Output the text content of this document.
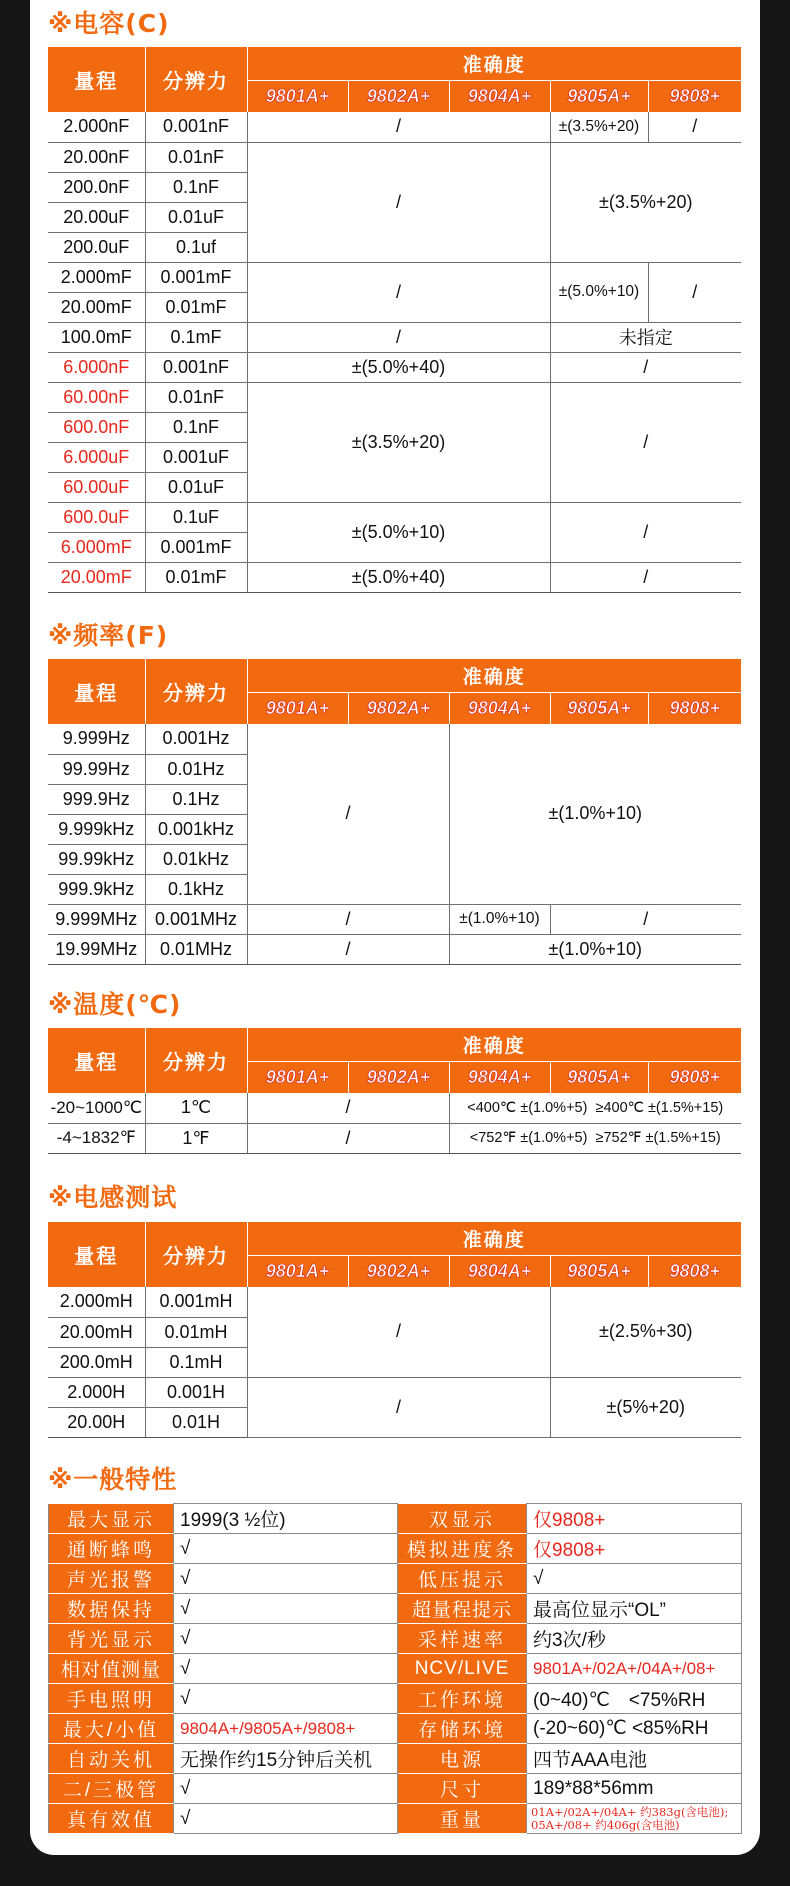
※电容(C)
量程	分辨力	准确度				
		9801A+	9802A+	9804A+	9805A+	9808+
2.000nF	0.001nF	/			±(3.5%+20)	/
20.00nF	0.01nF	/			±(3.5%+20)	
200.0nF	0.1nF					
20.00uF	0.01uF					
200.0uF	0.1uf					
2.000mF	0.001mF	/			±(5.0%+10)	/
20.00mF	0.01mF					
100.0mF	0.1mF	/			未指定	
6.000nF	0.001nF	±(5.0%+40)			/	
60.00nF	0.01nF	±(3.5%+20)			/	
600.0nF	0.1nF					
6.000uF	0.001uF					
60.00uF	0.01uF					
600.0uF	0.1uF	±(5.0%+10)			/	
6.000mF	0.001mF					
20.00mF	0.01mF	±(5.0%+40)			/	
※频率(F)
量程	分辨力	准确度				
		9801A+	9802A+	9804A+	9805A+	9808+
9.999Hz	0.001Hz	/		±(1.0%+10)		
99.99Hz	0.01Hz					
999.9Hz	0.1Hz					
9.999kHz	0.001kHz					
99.99kHz	0.01kHz					
999.9kHz	0.1kHz					
9.999MHz	0.001MHz	/		±(1.0%+10)	/	
19.99MHz	0.01MHz	/		±(1.0%+10)		
※温度(℃)
量程	分辨力	准确度				
		9801A+	9802A+	9804A+	9805A+	9808+
-20~1000℃	1℃	/		<400℃ ±(1.0%+5) ≥400℃ ±(1.5%+15)		
-4~1832℉	1℉	/		<752℉ ±(1.0%+5) ≥752℉ ±(1.5%+15)		
※电感测试
量程	分辨力	准确度				
		9801A+	9802A+	9804A+	9805A+	9808+
2.000mH	0.001mH	/			±(2.5%+30)	
20.00mH	0.01mH					
200.0mH	0.1mH					
2.000H	0.001H	/			±(5%+20)	
20.00H	0.01H					
※一般特性
最大显示	1999(3 ½位)	双显示	仅9808+
通断蜂鸣	√	模拟进度条	仅9808+
声光报警	√	低压提示	√
数据保持	√	超量程提示	最高位显示“OL”
背光显示	√	采样速率	约3次/秒
相对值测量	√	NCV/LIVE	9801A+/02A+/04A+/08+
手电照明	√	工作环境	(0~40)℃　<75%RH
最大/小值	9804A+/9805A+/9808+	存储环境	(-20~60)℃ <85%RH
自动关机	无操作约15分钟后关机	电源	四节AAA电池
二/三极管	√	尺寸	189*88*56mm
真有效值	√	重量	01A+/02A+/04A+ 约383g(含电池);
05A+/08+ 约406g(含电池)
